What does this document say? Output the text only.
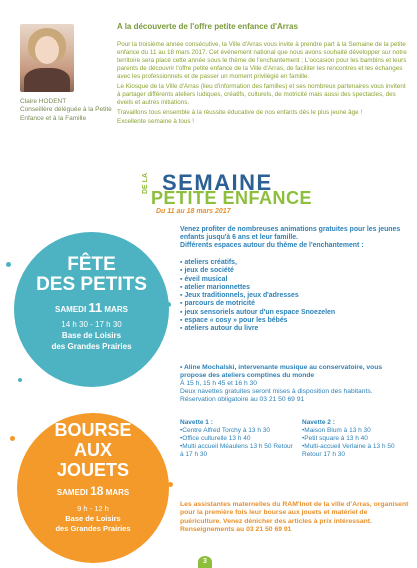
Claire HODENT
Conseillère déléguée à la Petite Enfance et à la Famille
A la découverte de l'offre petite enfance d'Arras

Pour la troisième année consécutive, la Ville d'Arras vous invite à prendre part à la Semaine de la petite enfance du 11 au 18 mars 2017. Cet événement national que nous avons souhaité développer sur notre territoire sera placé cette année sous le thème de l'enchantement ; L'occasion pour les bambins et leurs parents de découvrir l'offre petite enfance de la Ville d'Arras, de faciliter les rencontres et les échanges avec les professionnels et de passer un moment privilégié en famille.

Le Kiosque de la Ville d'Arras (lieu d'information des familles) et ses nombreux partenaires vous invitent à partager différents ateliers ludiques, créatifs, culturels, de motricité mais aussi des spectacles, des éveils et autres initiations.

Travaillons tous ensemble à la réussite éducative de nos enfants dès le plus jeune âge !

Excellente semaine à tous !

SEMAINE
DE LA
PETITE ENFANCE
Du 11 au 18 mars 2017
FÊTE
DES PETITS
SAMEDI 11 MARS
14 h 30 - 17 h 30
Base de Loisirs
des Grandes Prairies
BOURSE
AUX
JOUETS
SAMEDI 18 MARS
9 h - 12 h
Base de Loisirs
des Grandes Prairies
Venez profiter de nombreuses animations gratuites pour les jeunes enfants jusqu'à 6 ans et leur famille.
Différents espaces autour du thème de l'enchantement :
▪ ateliers créatifs,
▪ jeux de société
▪ éveil musical
▪ atelier marionnettes
▪ Jeux traditionnels, jeux d'adresses
▪ parcours de motricité
▪ jeux sensoriels autour d'un espace Snoezelen
▪ espace « cosy » pour les bébés
▪ ateliers autour du livre
• Aline Mochalski, intervenante musique au conservatoire, vous propose des ateliers comptines du monde
À 15 h, 15 h 45 et 16 h 30
Deux navettes gratuites seront mises à disposition des habitants.
Réservation obligatoire au 03 21 50 69 91
Navette 1 :
• Centre Alfred Torchy à 13 h 30
• Office culturelle 13 h 40
• Multi accueil Méaulens 13 h 50 Retour à 17 h 30
Navette 2 :
• Maison Blum à 13 h 30
• Petit square à 13 h 40
• Multi-accueil Verlaine à 13 h 50 Retour 17 h 30
Les assistantes maternelles du RAM'Inot de la ville d'Arras, organisent pour la première fois leur bourse aux jouets et matériel de puériculture. Venez dénicher des articles à prix intéressant.
Renseignements au 03 21 50 69 91
3
